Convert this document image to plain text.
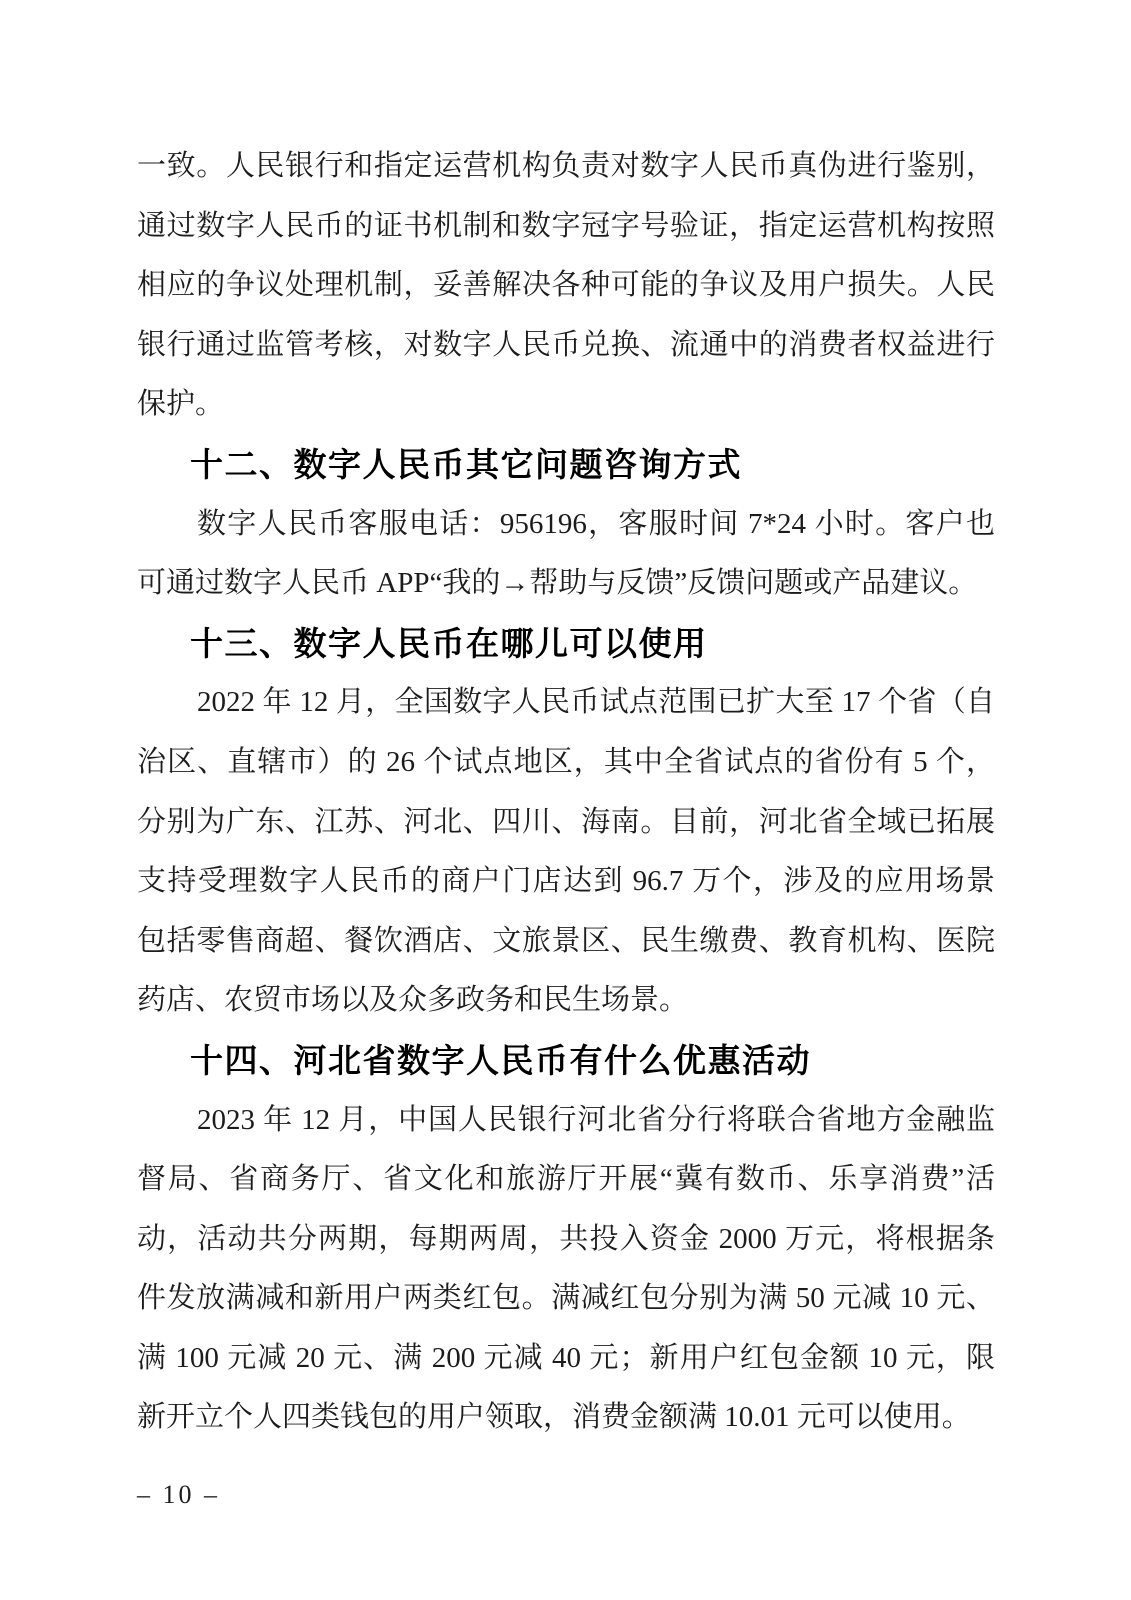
一致。人民银行和指定运营机构负责对数字人民币真伪进行鉴别，
通过数字人民币的证书机制和数字冠字号验证，指定运营机构按照
相应的争议处理机制，妥善解决各种可能的争议及用户损失。人民
银行通过监管考核，对数字人民币兑换、流通中的消费者权益进行
保护。
十二、数字人民币其它问题咨询方式
数字人民币客服电话：956196，客服时间 7*24 小时。客户也
可通过数字人民币 APP“我的→帮助与反馈”反馈问题或产品建议。
十三、数字人民币在哪儿可以使用
2022 年 12 月，全国数字人民币试点范围已扩大至 17 个省（自
治区、直辖市）的 26 个试点地区，其中全省试点的省份有 5 个，
分别为广东、江苏、河北、四川、海南。目前，河北省全域已拓展
支持受理数字人民币的商户门店达到 96.7 万个，涉及的应用场景
包括零售商超、餐饮酒店、文旅景区、民生缴费、教育机构、医院
药店、农贸市场以及众多政务和民生场景。
十四、河北省数字人民币有什么优惠活动
2023 年 12 月，中国人民银行河北省分行将联合省地方金融监
督局、省商务厅、省文化和旅游厅开展“冀有数币、乐享消费”活
动，活动共分两期，每期两周，共投入资金 2000 万元，将根据条
件发放满减和新用户两类红包。满减红包分别为满 50 元减 10 元、
满 100 元减 20 元、满 200 元减 40 元；新用户红包金额 10 元，限
新开立个人四类钱包的用户领取，消费金额满 10.01 元可以使用。
– 10 –
